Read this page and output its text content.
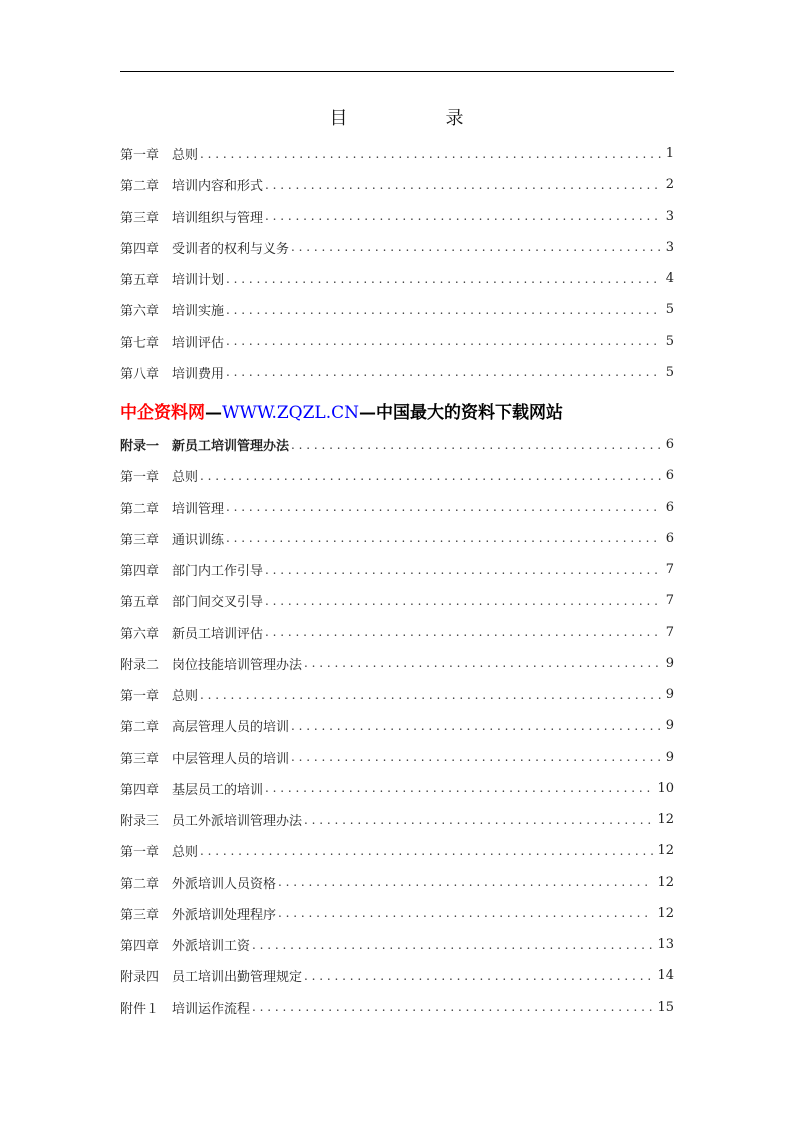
目　录
第一章　总则 . . .	1
第二章　培训内容和形式 . . .	2
第三章　培训组织与管理 . . .	3
第四章　受训者的权利与义务 . . .	3
第五章　培训计划 . . .	4
第六章　培训实施 . . .	5
第七章　培训评估 . . .	5
第八章　培训费用 . . .	5
中企资料网—WWW.ZQZL.CN—中国最大的资料下载网站
附录一　新员工培训管理办法 . . .	6
第一章　总则 . . .	6
第二章　培训管理 . . .	6
第三章　通识训练 . . .	6
第四章　部门内工作引导 . . .	7
第五章　部门间交叉引导 . . .	7
第六章　新员工培训评估 . . .	7
附录二　岗位技能培训管理办法 . . .	9
第一章　总则 . . .	9
第二章　高层管理人员的培训 . . .	9
第三章　中层管理人员的培训 . . .	9
第四章　基层员工的培训 . . .	10
附录三　员工外派培训管理办法 . . .	12
第一章　总则 . . .	12
第二章　外派培训人员资格 . . .	12
第三章　外派培训处理程序 . . .	12
第四章　外派培训工资 . . .	13
附录四　员工培训出勤管理规定 . . .	14
附件１　培训运作流程 . . .	15
